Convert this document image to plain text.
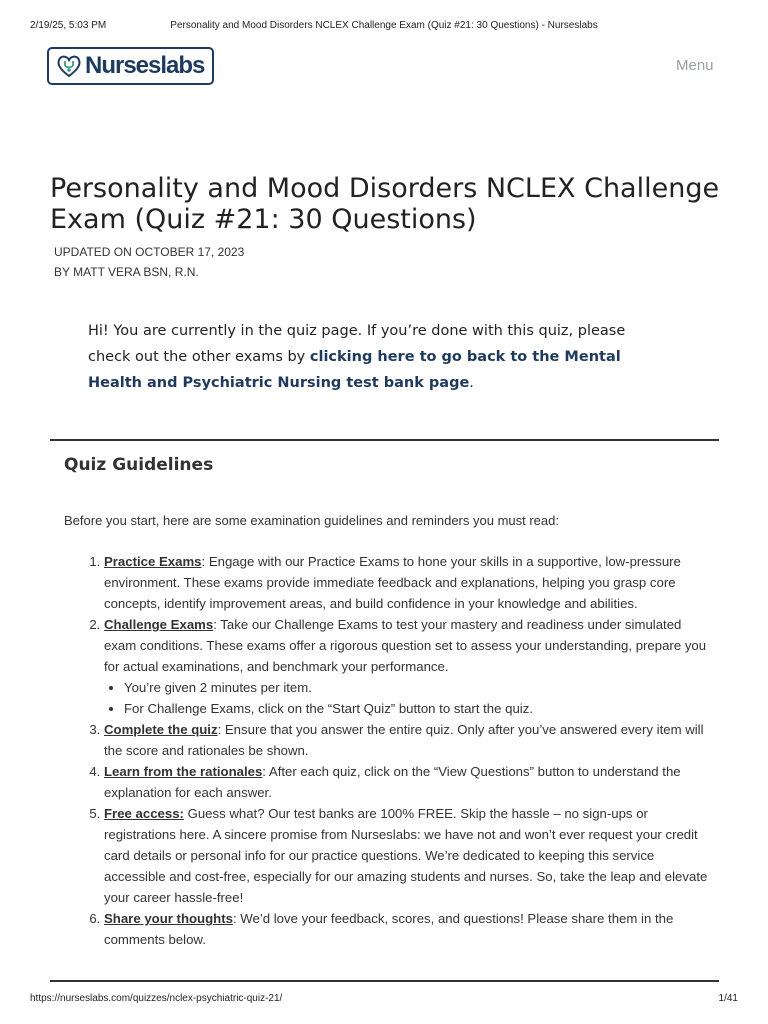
2/19/25, 5:03 PM	Personality and Mood Disorders NCLEX Challenge Exam (Quiz #21: 30 Questions) - Nurseslabs
Nurseslabs	Menu
Personality and Mood Disorders NCLEX Challenge Exam (Quiz #21: 30 Questions)
UPDATED ON OCTOBER 17, 2023
BY MATT VERA BSN, R.N.

Hi! You are currently in the quiz page. If you’re done with this quiz, please check out the other exams by clicking here to go back to the Mental Health and Psychiatric Nursing test bank page.

Quiz Guidelines

Before you start, here are some examination guidelines and reminders you must read:

1. Practice Exams: Engage with our Practice Exams to hone your skills in a supportive, low-pressure environment. These exams provide immediate feedback and explanations, helping you grasp core concepts, identify improvement areas, and build confidence in your knowledge and abilities.
2. Challenge Exams: Take our Challenge Exams to test your mastery and readiness under simulated exam conditions. These exams offer a rigorous question set to assess your understanding, prepare you for actual examinations, and benchmark your performance.
• You’re given 2 minutes per item.
• For Challenge Exams, click on the “Start Quiz” button to start the quiz.
3. Complete the quiz: Ensure that you answer the entire quiz. Only after you’ve answered every item will the score and rationales be shown.
4. Learn from the rationales: After each quiz, click on the “View Questions” button to understand the explanation for each answer.
5. Free access: Guess what? Our test banks are 100% FREE. Skip the hassle – no sign-ups or registrations here. A sincere promise from Nurseslabs: we have not and won’t ever request your credit card details or personal info for our practice questions. We’re dedicated to keeping this service accessible and cost-free, especially for our amazing students and nurses. So, take the leap and elevate your career hassle-free!
6. Share your thoughts: We’d love your feedback, scores, and questions! Please share them in the comments below.
https://nurseslabs.com/quizzes/nclex-psychiatric-quiz-21/	1/41
